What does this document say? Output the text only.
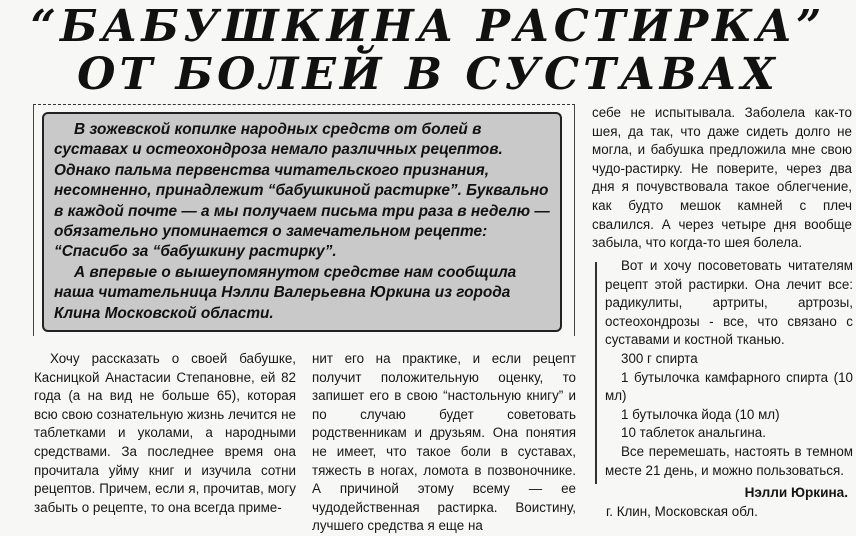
“БАБУШКИНА РАСТИРКА”
ОТ БОЛЕЙ В СУСТАВАХ

В зожевской копилке народных средств от болей в суставах и остеохондроза немало различных рецептов. Однако пальма первенства читательского признания, несомненно, принадлежит “бабушкиной растирке”. Буквально в каждой почте — а мы получаем письма три раза в неделю — обязательно упоминается о замечательном рецепте: “Спасибо за “бабушкину растирку”.

А впервые о вышеупомянутом средстве нам сообщила наша читательница Нэлли Валерьевна Юркина из города Клина Московской области.

Хочу рассказать о своей бабушке, Касницкой Анастасии Степановне, ей 82 года (а на вид не больше 65), которая всю свою сознательную жизнь лечится не таблетками и уколами, а народными средствами. За последнее время она прочитала уйму книг и изучила сотни рецептов. Причем, если я, прочитав, могу забыть о рецепте, то она всегда приме-

нит его на практике, и если рецепт получит положительную оценку, то запишет его в свою “настольную книгу” и по случаю будет советовать родственникам и друзьям. Она понятия не имеет, что такое боли в суставах, тяжесть в ногах, ломота в позвоночнике. А причиной этому всему — ее чудодейственная растирка. Воистину, лучшего средства я еще на

себе не испытывала. Заболела как-то шея, да так, что даже сидеть долго не могла, и бабушка предложила мне свою чудо-растирку. Не поверите, через два дня я почувствовала такое облегчение, как будто мешок камней с плеч свалился. А через четыре дня вообще забыла, что когда-то шея болела.

Вот и хочу посоветовать читателям рецепт этой растирки. Она лечит все: радикулиты, артриты, артрозы, остеохондрозы - все, что связано с суставами и костной тканью.

300 г спирта
1 бутылочка камфарного спирта (10 мл)
1 бутылочка йода (10 мл)
10 таблеток анальгина.

Все перемешать, настоять в темном месте 21 день, и можно пользоваться.

Нэлли Юркина.
г. Клин, Московская обл.
